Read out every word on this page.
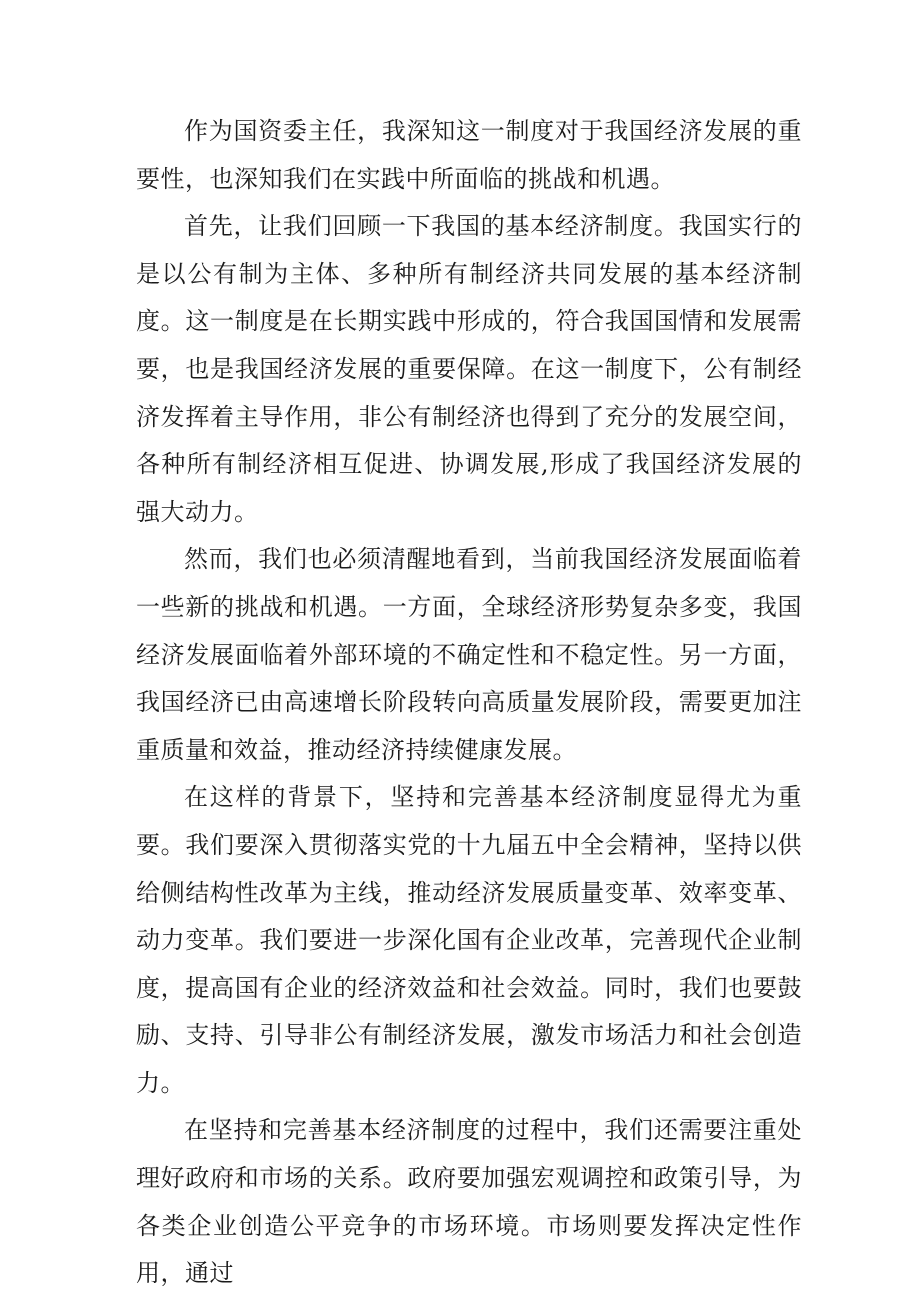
作为国资委主任，我深知这一制度对于我国经济发展的重要性，也深知我们在实践中所面临的挑战和机遇。

首先，让我们回顾一下我国的基本经济制度。我国实行的是以公有制为主体、多种所有制经济共同发展的基本经济制度。这一制度是在长期实践中形成的，符合我国国情和发展需要，也是我国经济发展的重要保障。在这一制度下，公有制经济发挥着主导作用，非公有制经济也得到了充分的发展空间，各种所有制经济相互促进、协调发展,形成了我国经济发展的强大动力。

然而，我们也必须清醒地看到，当前我国经济发展面临着一些新的挑战和机遇。一方面，全球经济形势复杂多变，我国经济发展面临着外部环境的不确定性和不稳定性。另一方面，我国经济已由高速增长阶段转向高质量发展阶段，需要更加注重质量和效益，推动经济持续健康发展。

在这样的背景下，坚持和完善基本经济制度显得尤为重要。我们要深入贯彻落实党的十九届五中全会精神，坚持以供给侧结构性改革为主线，推动经济发展质量变革、效率变革、动力变革。我们要进一步深化国有企业改革，完善现代企业制度，提高国有企业的经济效益和社会效益。同时，我们也要鼓励、支持、引导非公有制经济发展，激发市场活力和社会创造力。

在坚持和完善基本经济制度的过程中，我们还需要注重处理好政府和市场的关系。政府要加强宏观调控和政策引导，为各类企业创造公平竞争的市场环境。市场则要发挥决定性作用，通过
